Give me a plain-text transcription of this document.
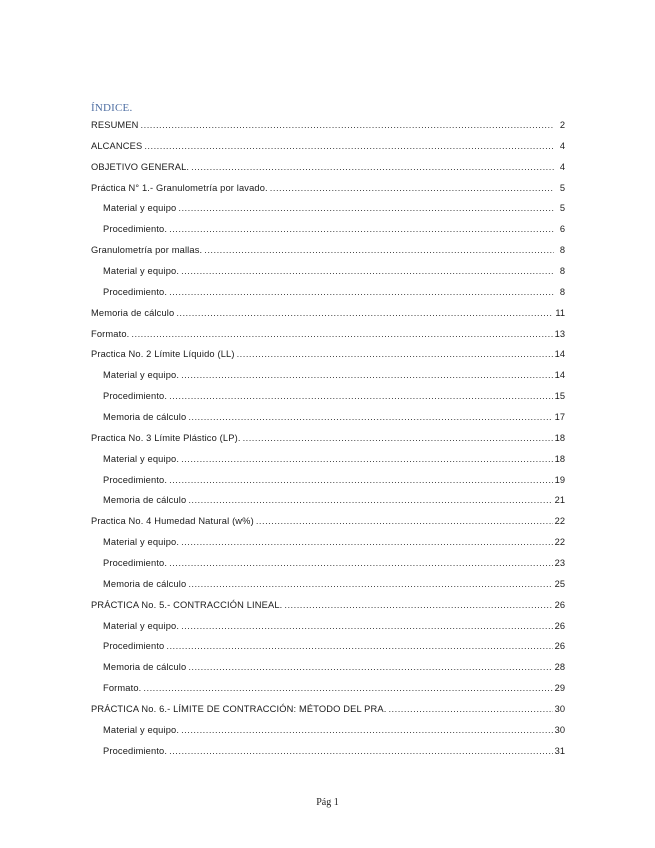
ÍNDICE.
RESUMEN .....	2
ALCANCES .....	4
OBJETIVO GENERAL. .....	4
Práctica N° 1.- Granulometría por lavado. .....	5
Material y equipo .....	5
Procedimiento. .....	6
Granulometría por mallas. .....	8
Material y equipo. .....	8
Procedimiento. .....	8
Memoria de cálculo .....	11
Formato. .....	13
Practica No. 2 Límite Líquido (LL) .....	14
Material y equipo. .....	14
Procedimiento. .....	15
Memoria de cálculo .....	17
Practica No. 3 Límite Plástico (LP). .....	18
Material y equipo. .....	18
Procedimiento. .....	19
Memoria de cálculo .....	21
Practica No. 4 Humedad Natural (w%) .....	22
Material y equipo. .....	22
Procedimiento. .....	23
Memoria de cálculo .....	25
PRÁCTICA No. 5.- CONTRACCIÓN LINEAL. .....	26
Material y equipo. .....	26
Procedimiento .....	26
Memoria de cálculo .....	28
Formato. .....	29
PRÁCTICA No. 6.- LÍMITE DE CONTRACCIÓN: MÉTODO DEL PRA. .....	30
Material y equipo. .....	30
Procedimiento. .....	31
Pág 1
